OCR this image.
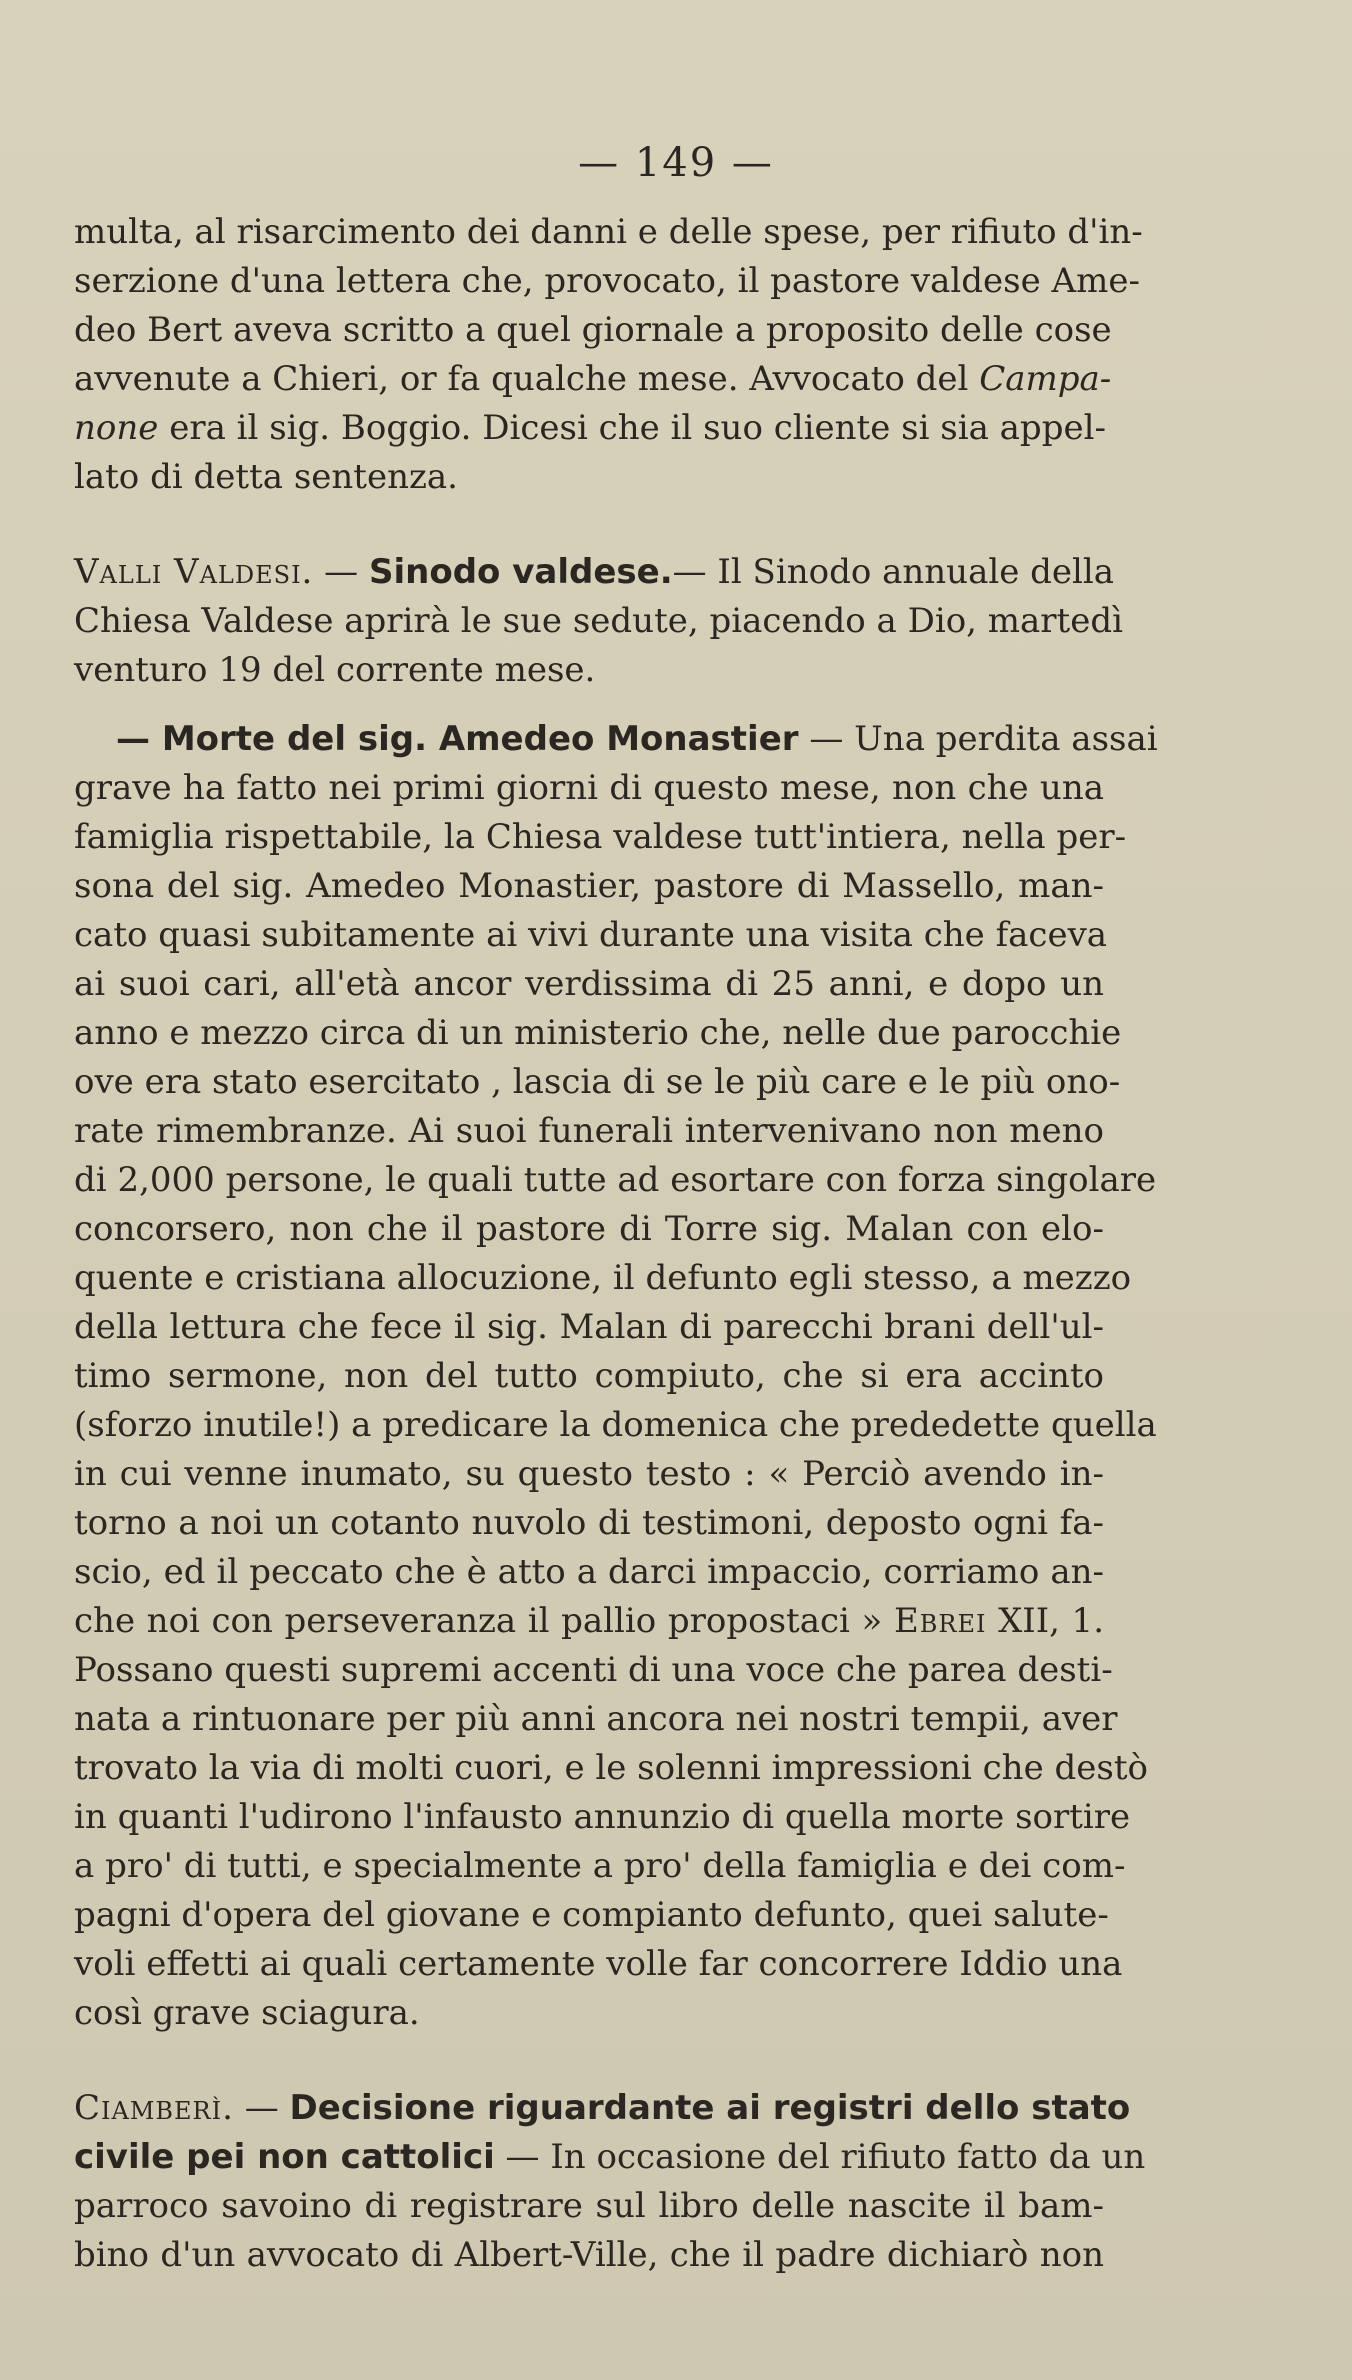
— 149 —
multa, al risarcimento dei danni e delle spese, per rifiuto d'in-
serzione d'una lettera che, provocato, il pastore valdese Ame-
deo Bert aveva scritto a quel giornale a proposito delle cose
avvenute a Chieri, or fa qualche mese. Avvocato del Campa-
none era il sig. Boggio. Dicesi che il suo cliente si sia appel-
lato di detta sentenza.
Valli Valdesi. — Sinodo valdese.— Il Sinodo annuale della
Chiesa Valdese aprirà le sue sedute, piacendo a Dio, martedì
venturo 19 del corrente mese.
— Morte del sig. Amedeo Monastier — Una perdita assai
grave ha fatto nei primi giorni di questo mese, non che una
famiglia rispettabile, la Chiesa valdese tutt'intiera, nella per-
sona del sig. Amedeo Monastier, pastore di Massello, man-
cato quasi subitamente ai vivi durante una visita che faceva
ai suoi cari, all'età ancor verdissima di 25 anni, e dopo un
anno e mezzo circa di un ministerio che, nelle due parocchie
ove era stato esercitato , lascia di se le più care e le più ono-
rate rimembranze. Ai suoi funerali intervenivano non meno
di 2,000 persone, le quali tutte ad esortare con forza singolare
concorsero, non che il pastore di Torre sig. Malan con elo-
quente e cristiana allocuzione, il defunto egli stesso, a mezzo
della lettura che fece il sig. Malan di parecchi brani dell'ul-
timo sermone, non del tutto compiuto, che si era accinto
(sforzo inutile!) a predicare la domenica che prededette quella
in cui venne inumato, su questo testo : « Perciò avendo in-
torno a noi un cotanto nuvolo di testimoni, deposto ogni fa-
scio, ed il peccato che è atto a darci impaccio, corriamo an-
che noi con perseveranza il pallio propostaci » Ebrei XII, 1.
Possano questi supremi accenti di una voce che parea desti-
nata a rintuonare per più anni ancora nei nostri tempii, aver
trovato la via di molti cuori, e le solenni impressioni che destò
in quanti l'udirono l'infausto annunzio di quella morte sortire
a pro' di tutti, e specialmente a pro' della famiglia e dei com-
pagni d'opera del giovane e compianto defunto, quei salute-
voli effetti ai quali certamente volle far concorrere Iddio una
così grave sciagura.
Ciamberì. — Decisione riguardante ai registri dello stato
civile pei non cattolici — In occasione del rifiuto fatto da un
parroco savoino di registrare sul libro delle nascite il bam-
bino d'un avvocato di Albert-Ville, che il padre dichiarò non
